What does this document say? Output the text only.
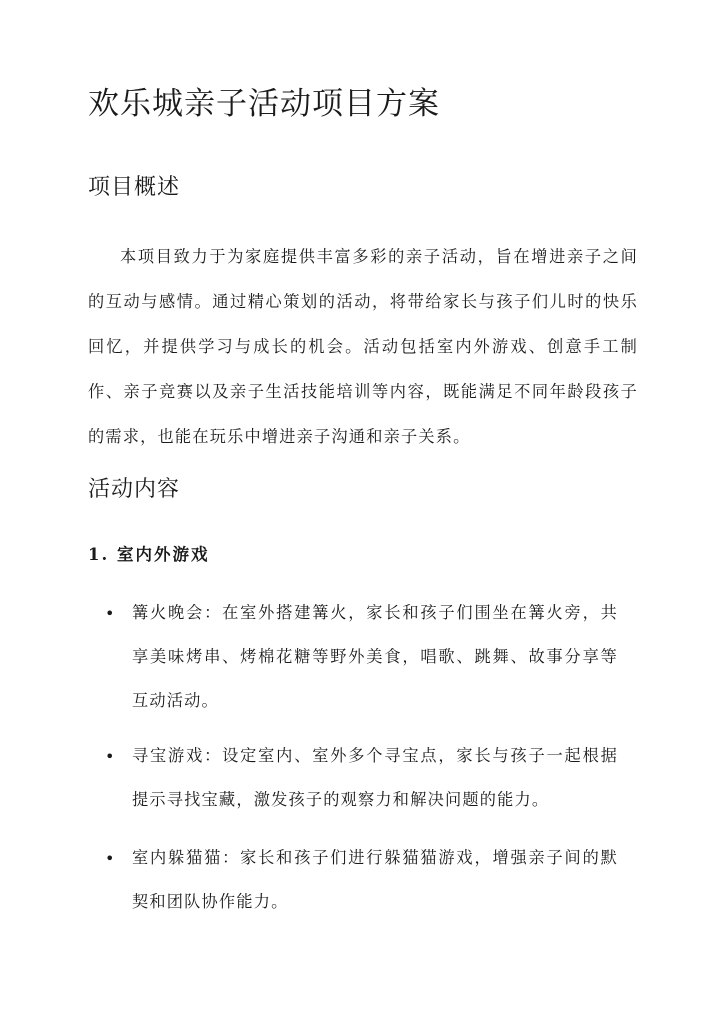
欢乐城亲子活动项目方案
项目概述

本项目致力于为家庭提供丰富多彩的亲子活动，旨在增进亲子之间的互动与感情。通过精心策划的活动，将带给家长与孩子们儿时的快乐回忆，并提供学习与成长的机会。活动包括室内外游戏、创意手工制作、亲子竞赛以及亲子生活技能培训等内容，既能满足不同年龄段孩子的需求，也能在玩乐中增进亲子沟通和亲子关系。

活动内容
1. 室内外游戏
• 篝火晚会：在室外搭建篝火，家长和孩子们围坐在篝火旁，共享美味烤串、烤棉花糖等野外美食，唱歌、跳舞、故事分享等互动活动。

• 寻宝游戏：设定室内、室外多个寻宝点，家长与孩子一起根据提示寻找宝藏，激发孩子的观察力和解决问题的能力。

• 室内躲猫猫：家长和孩子们进行躲猫猫游戏，增强亲子间的默契和团队协作能力。
